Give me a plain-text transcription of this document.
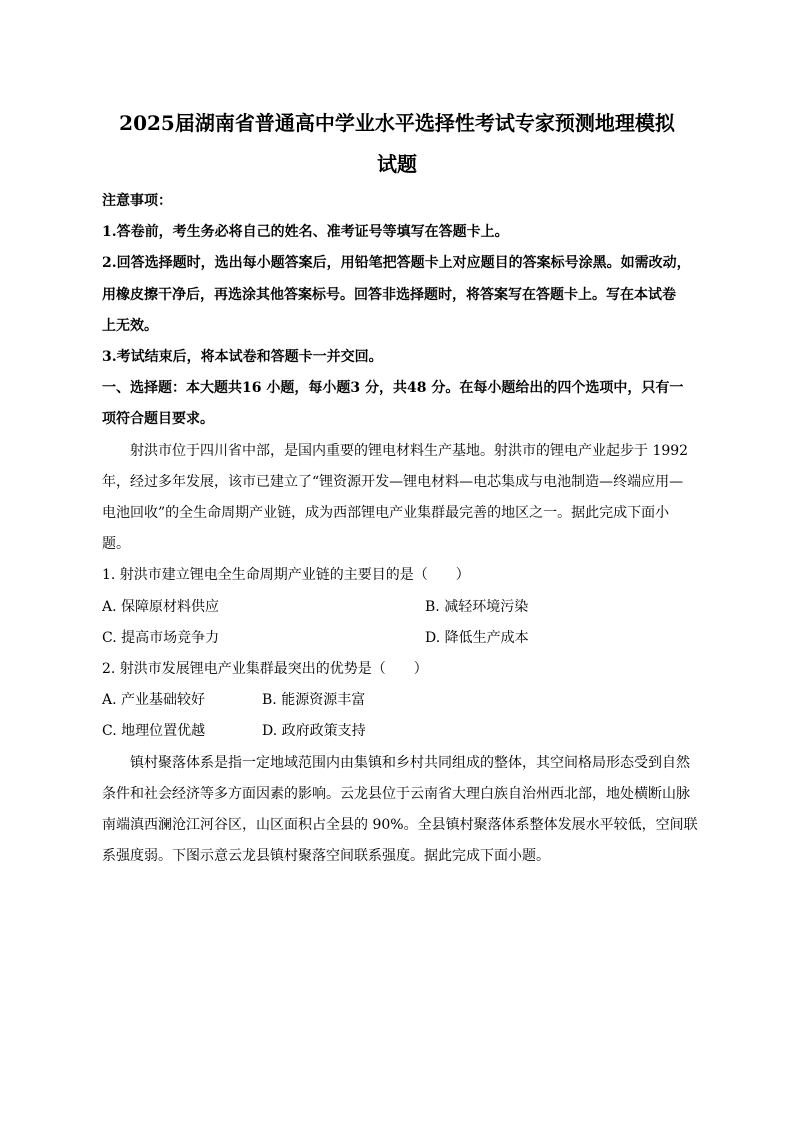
2025届湖南省普通高中学业水平选择性考试专家预测地理模拟
试题
注意事项：
1.答卷前，考生务必将自己的姓名、准考证号等填写在答题卡上。
2.回答选择题时，选出每小题答案后，用铅笔把答题卡上对应题目的答案标号涂黑。如需改动，
用橡皮擦干净后，再选涂其他答案标号。回答非选择题时，将答案写在答题卡上。写在本试卷
上无效。
3.考试结束后，将本试卷和答题卡一并交回。
一、选择题：本大题共16 小题，每小题3 分，共48 分。在每小题给出的四个选项中，只有一
项符合题目要求。
射洪市位于四川省中部，是国内重要的锂电材料生产基地。射洪市的锂电产业起步于 1992
年，经过多年发展，该市已建立了“锂资源开发—锂电材料—电芯集成与电池制造—终端应用—
电池回收”的全生命周期产业链，成为西部锂电产业集群最完善的地区之一。据此完成下面小
题。
1. 射洪市建立锂电全生命周期产业链的主要目的是（　　）
A. 保障原材料供应	B. 减轻环境污染
C. 提高市场竞争力	D. 降低生产成本
2. 射洪市发展锂电产业集群最突出的优势是（　　）
A. 产业基础较好	B. 能源资源丰富
C. 地理位置优越	D. 政府政策支持
镇村聚落体系是指一定地域范围内由集镇和乡村共同组成的整体，其空间格局形态受到自然
条件和社会经济等多方面因素的影响。云龙县位于云南省大理白族自治州西北部，地处横断山脉
南端滇西澜沧江河谷区，山区面积占全县的 90%。全县镇村聚落体系整体发展水平较低，空间联
系强度弱。下图示意云龙县镇村聚落空间联系强度。据此完成下面小题。
